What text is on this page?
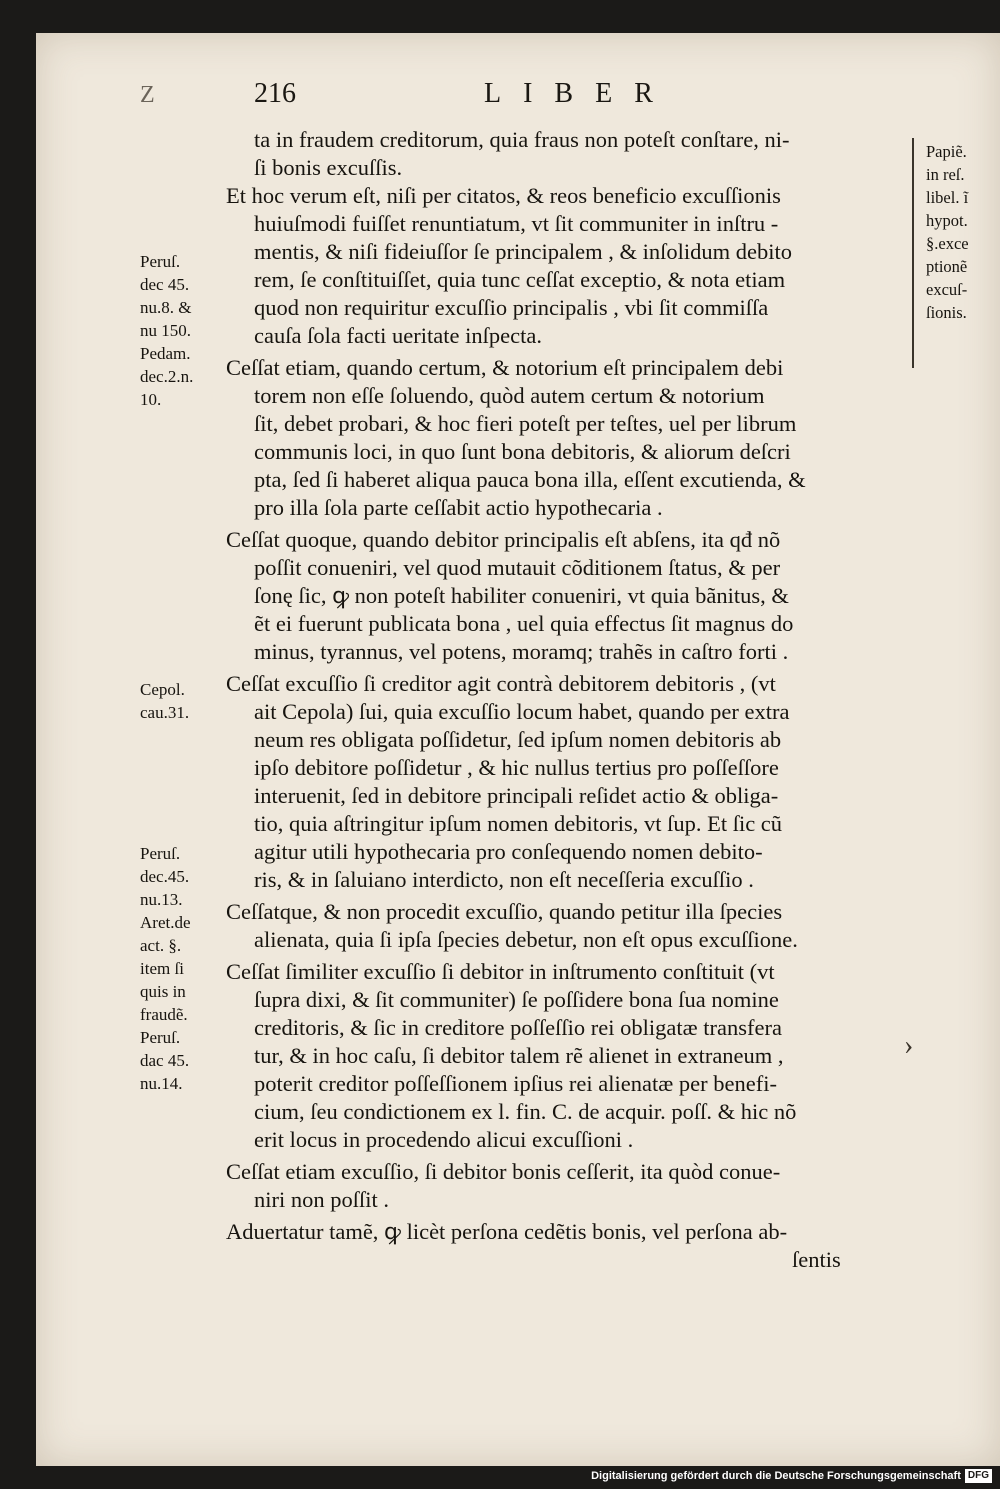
Z	216	LIBER
ta in fraudem creditorum, quia fraus non poteſt conſtare, ni-
ſi bonis excuſſis.
Et hoc verum eſt, niſi per citatos, & reos beneficio excuſſionis
huiuſmodi fuiſſet renuntiatum, vt ſit communiter in inſtru -
mentis, & niſi fideiuſſor ſe principalem , & inſolidum debito
rem, ſe conſtituiſſet, quia tunc ceſſat exceptio, & nota etiam
quod non requiritur excuſſio principalis , vbi ſit commiſſa
cauſa ſola facti ueritate inſpecta.
Ceſſat etiam, quando certum, & notorium eſt principalem debi
torem non eſſe ſoluendo, quòd autem certum & notorium
ſit, debet probari, & hoc fieri poteſt per teſtes, uel per librum
communis loci, in quo ſunt bona debitoris, & aliorum deſcri
pta, ſed ſi haberet aliqua pauca bona illa, eſſent excutienda, &
pro illa ſola parte ceſſabit actio hypothecaria .
Ceſſat quoque, quando debitor principalis eſt abſens, ita qđ nõ
poſſit conueniri, vel quod mutauit cõditionem ſtatus, & per
ſonę ſic, ꝙ non poteſt habiliter conueniri, vt quia bãnitus, &
ẽt ei fuerunt publicata bona , uel quia effectus ſit magnus do
minus, tyrannus, vel potens, moramq; trahẽs in caſtro forti .
Ceſſat excuſſio ſi creditor agit contrà debitorem debitoris , (vt
ait Cepola) ſui, quia excuſſio locum habet, quando per extra
neum res obligata poſſidetur, ſed ipſum nomen debitoris ab
ipſo debitore poſſidetur , & hic nullus tertius pro poſſeſſore
interuenit, ſed in debitore principali reſidet actio & obliga-
tio, quia aſtringitur ipſum nomen debitoris, vt ſup. Et ſic cũ
agitur utili hypothecaria pro conſequendo nomen debito-
ris, & in ſaluiano interdicto, non eſt neceſſeria excuſſio .
Ceſſatque, & non procedit excuſſio, quando petitur illa ſpecies
alienata, quia ſi ipſa ſpecies debetur, non eſt opus excuſſione.
Ceſſat ſimiliter excuſſio ſi debitor in inſtrumento conſtituit (vt
ſupra dixi, & ſit communiter) ſe poſſidere bona ſua nomine
creditoris, & ſic in creditore poſſeſſio rei obligatæ transfera
tur, & in hoc caſu, ſi debitor talem rẽ alienet in extraneum ,
poterit creditor poſſeſſionem ipſius rei alienatæ per benefi-
cium, ſeu condictionem ex l. fin. C. de acquir. poſſ. & hic nõ
erit locus in procedendo alicui excuſſioni .
Ceſſat etiam excuſſio, ſi debitor bonis ceſſerit, ita quòd conue-
niri non poſſit .
Aduertatur tamẽ, ꝙ licèt perſona cedẽtis bonis, vel perſona ab-
ſentis
Peruſ.
dec 45.
nu.8. &
nu 150.
Pedam.
dec.2.n.
10.
Cepol.
cau.31.
Peruſ.
dec.45.
nu.13.
Aret.de
act. §.
item ſi
quis in
fraudẽ.
Peruſ.
dac 45.
nu.14.
Papiẽ.
in reſ.
libel. ĩ
hypot.
§.exce
ptionẽ
excuſ-
ſionis.
›
Digitalisierung gefördert durch die Deutsche Forschungsgemeinschaft DFG
